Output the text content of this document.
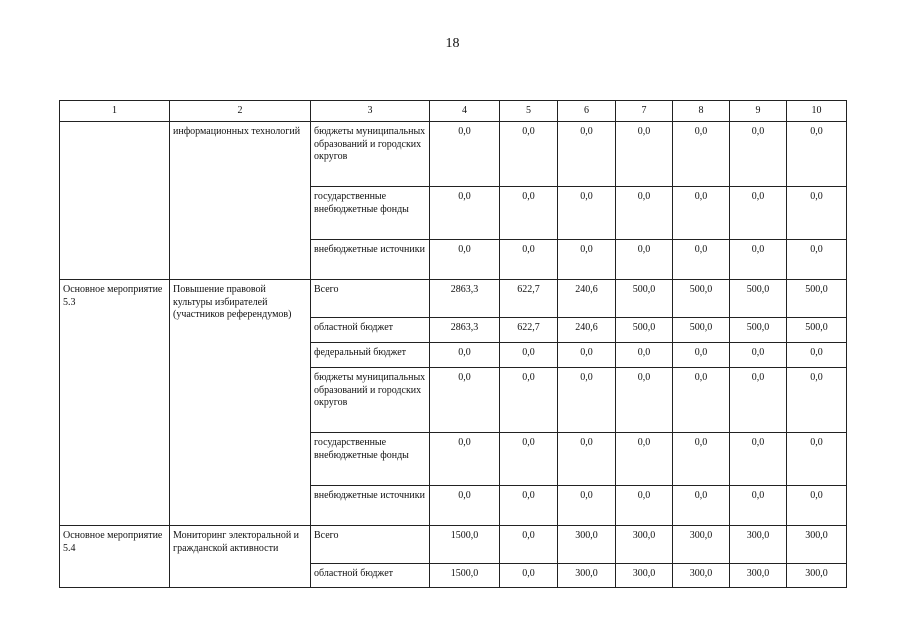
18
1	2	3	4	5	6	7	8	9	10
	информационных технологий	бюджеты муниципальных образований и городских округов	0,0	0,0	0,0	0,0	0,0	0,0	0,0
		государственные внебюджетные фонды	0,0	0,0	0,0	0,0	0,0	0,0	0,0
		внебюджетные источники	0,0	0,0	0,0	0,0	0,0	0,0	0,0
Основное мероприятие 5.3	Повышение правовой культуры избирателей (участников референдумов)	Всего	2863,3	622,7	240,6	500,0	500,0	500,0	500,0
		областной бюджет	2863,3	622,7	240,6	500,0	500,0	500,0	500,0
		федеральный бюджет	0,0	0,0	0,0	0,0	0,0	0,0	0,0
		бюджеты муниципальных образований и городских округов	0,0	0,0	0,0	0,0	0,0	0,0	0,0
		государственные внебюджетные фонды	0,0	0,0	0,0	0,0	0,0	0,0	0,0
		внебюджетные источники	0,0	0,0	0,0	0,0	0,0	0,0	0,0
Основное мероприятие 5.4	Мониторинг электоральной и гражданской активности	Всего	1500,0	0,0	300,0	300,0	300,0	300,0	300,0
		областной бюджет	1500,0	0,0	300,0	300,0	300,0	300,0	300,0
